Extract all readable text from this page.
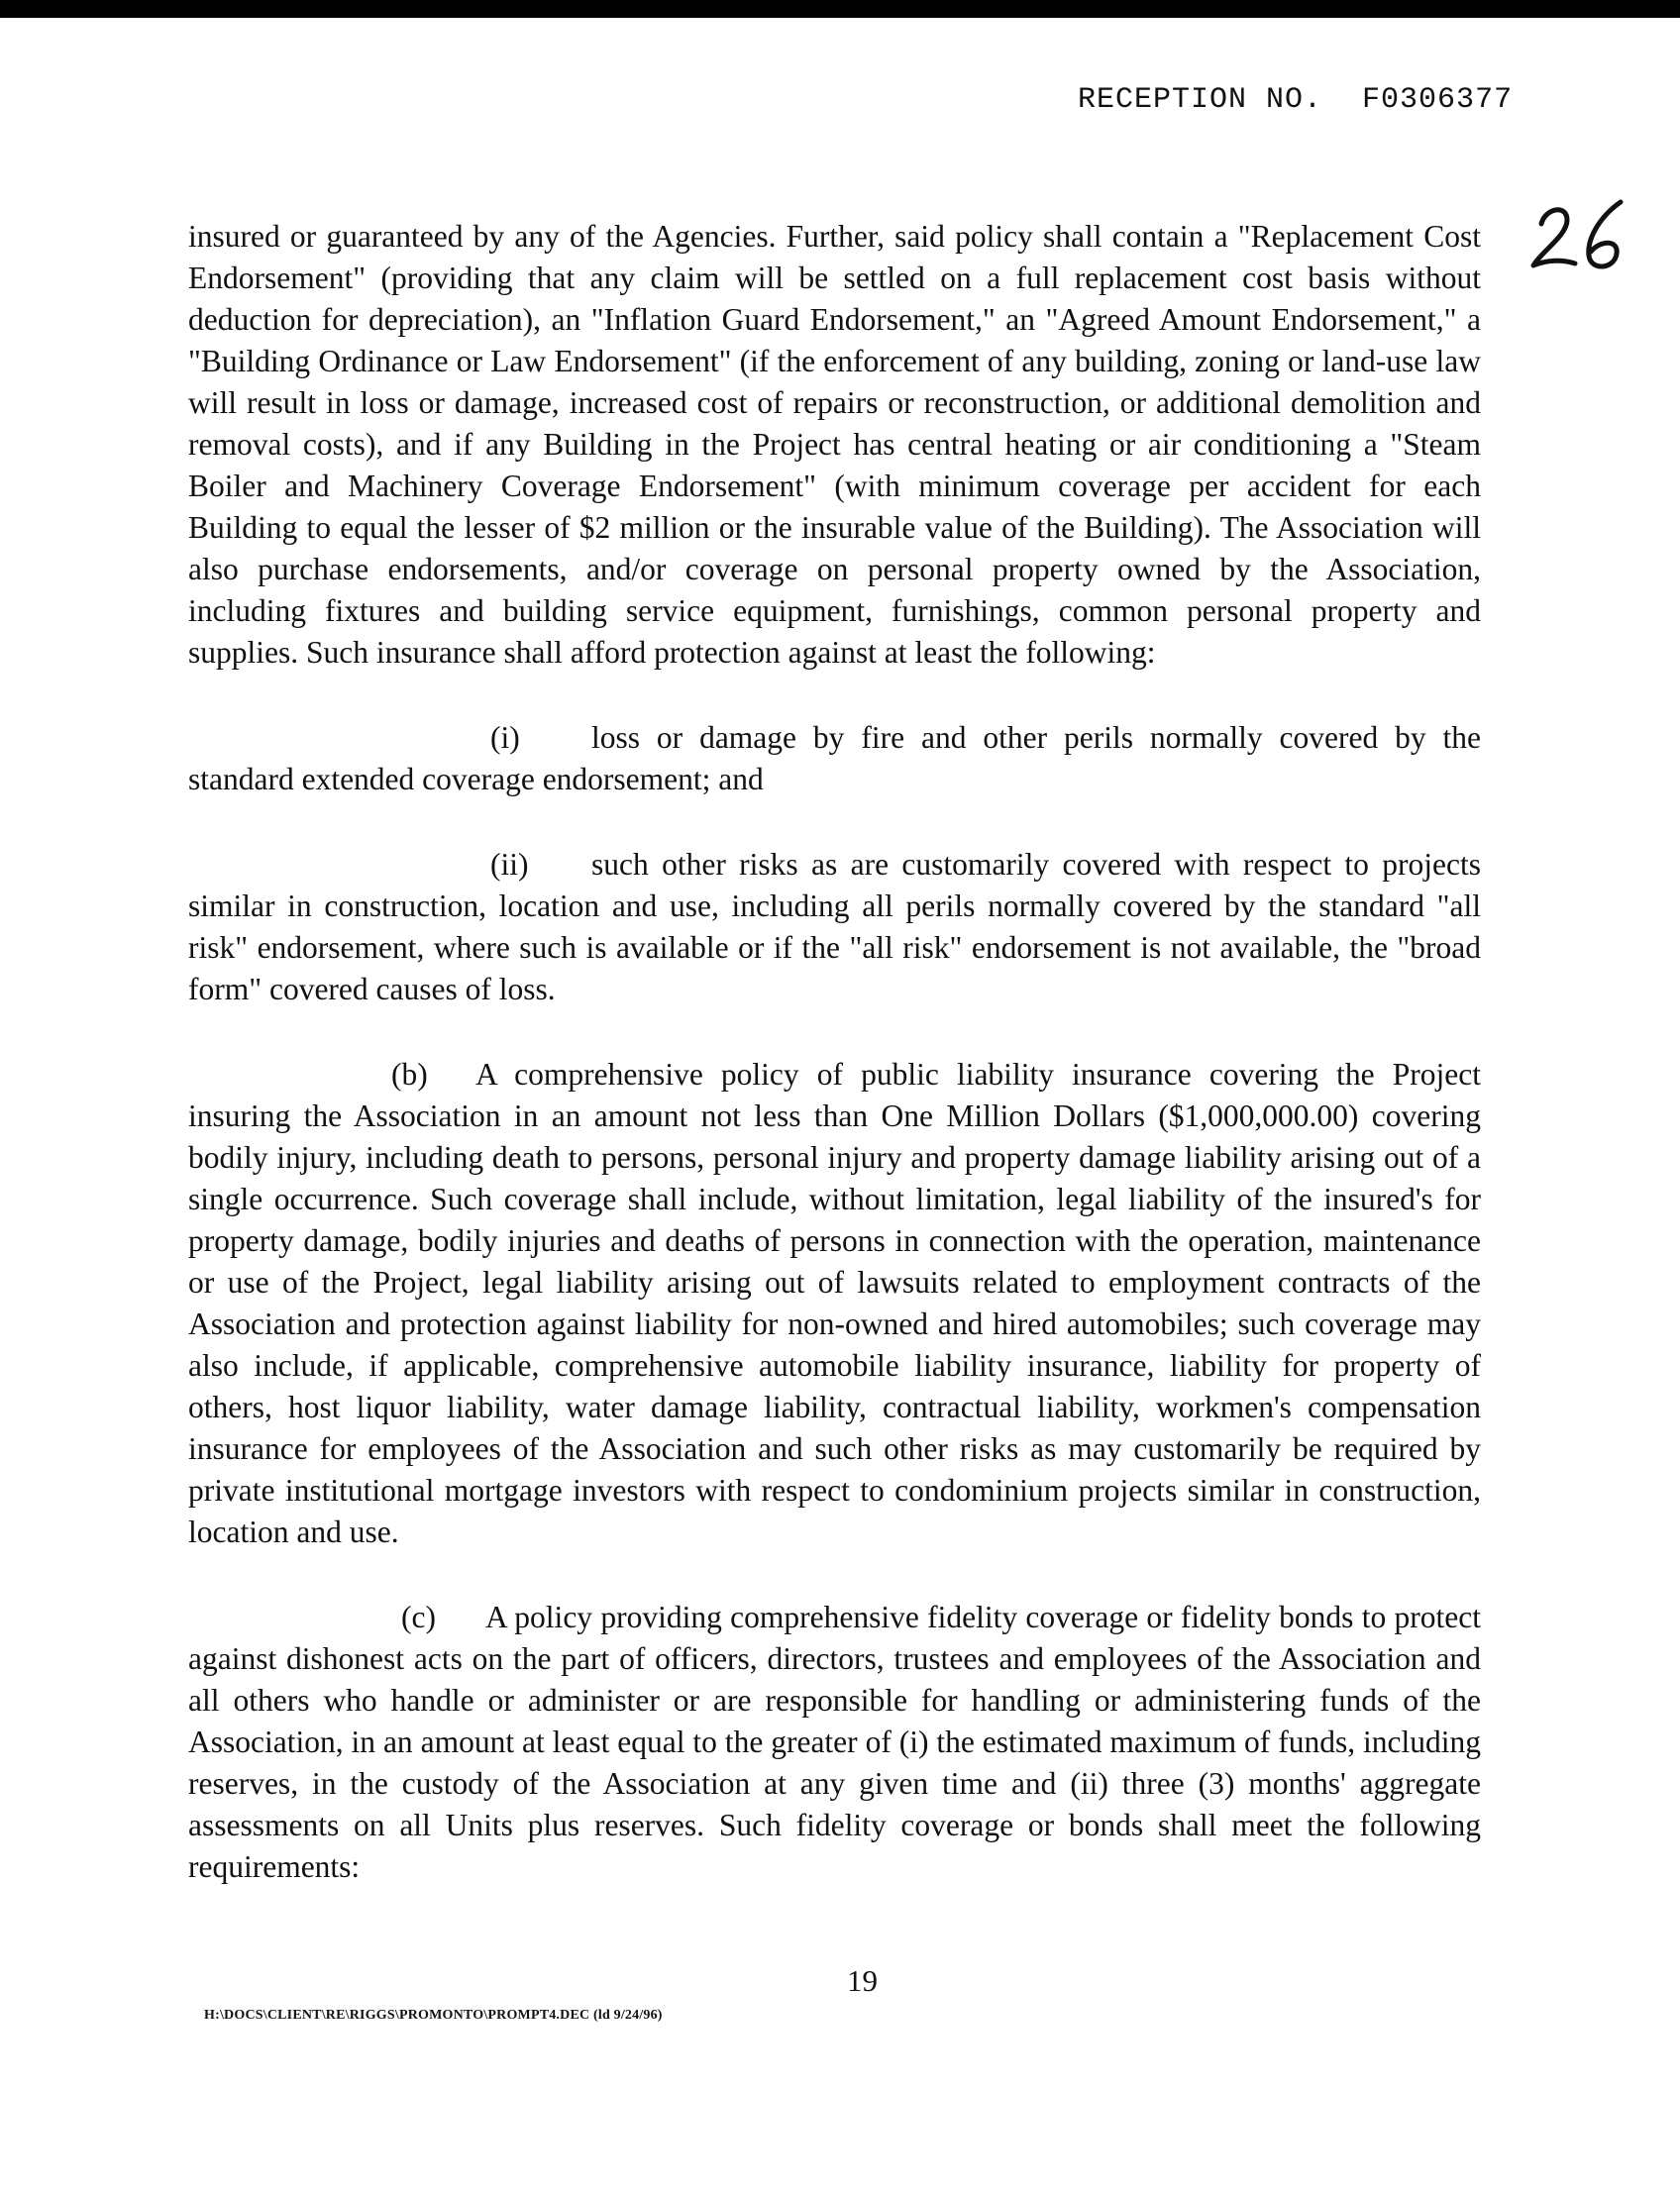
RECEPTION NO. F0306377

insured or guaranteed by any of the Agencies. Further, said policy shall contain a "Replacement Cost Endorsement" (providing that any claim will be settled on a full replacement cost basis without deduction for depreciation), an "Inflation Guard Endorsement," an "Agreed Amount Endorsement," a "Building Ordinance or Law Endorsement" (if the enforcement of any building, zoning or land-use law will result in loss or damage, increased cost of repairs or reconstruction, or additional demolition and removal costs), and if any Building in the Project has central heating or air conditioning a "Steam Boiler and Machinery Coverage Endorsement" (with minimum coverage per accident for each Building to equal the lesser of $2 million or the insurable value of the Building). The Association will also purchase endorsements, and/or coverage on personal property owned by the Association, including fixtures and building service equipment, furnishings, common personal property and supplies. Such insurance shall afford protection against at least the following:

(i) loss or damage by fire and other perils normally covered by the standard extended coverage endorsement; and

(ii) such other risks as are customarily covered with respect to projects similar in construction, location and use, including all perils normally covered by the standard "all risk" endorsement, where such is available or if the "all risk" endorsement is not available, the "broad form" covered causes of loss.

(b) A comprehensive policy of public liability insurance covering the Project insuring the Association in an amount not less than One Million Dollars ($1,000,000.00) covering bodily injury, including death to persons, personal injury and property damage liability arising out of a single occurrence. Such coverage shall include, without limitation, legal liability of the insured's for property damage, bodily injuries and deaths of persons in connection with the operation, maintenance or use of the Project, legal liability arising out of lawsuits related to employment contracts of the Association and protection against liability for non-owned and hired automobiles; such coverage may also include, if applicable, comprehensive automobile liability insurance, liability for property of others, host liquor liability, water damage liability, contractual liability, workmen's compensation insurance for employees of the Association and such other risks as may customarily be required by private institutional mortgage investors with respect to condominium projects similar in construction, location and use.

(c) A policy providing comprehensive fidelity coverage or fidelity bonds to protect against dishonest acts on the part of officers, directors, trustees and employees of the Association and all others who handle or administer or are responsible for handling or administering funds of the Association, in an amount at least equal to the greater of (i) the estimated maximum of funds, including reserves, in the custody of the Association at any given time and (ii) three (3) months' aggregate assessments on all Units plus reserves. Such fidelity coverage or bonds shall meet the following requirements:

19
H:\DOCS\CLIENT\RE\RIGGS\PROMONTO\PROMPT4.DEC (ld 9/24/96)
